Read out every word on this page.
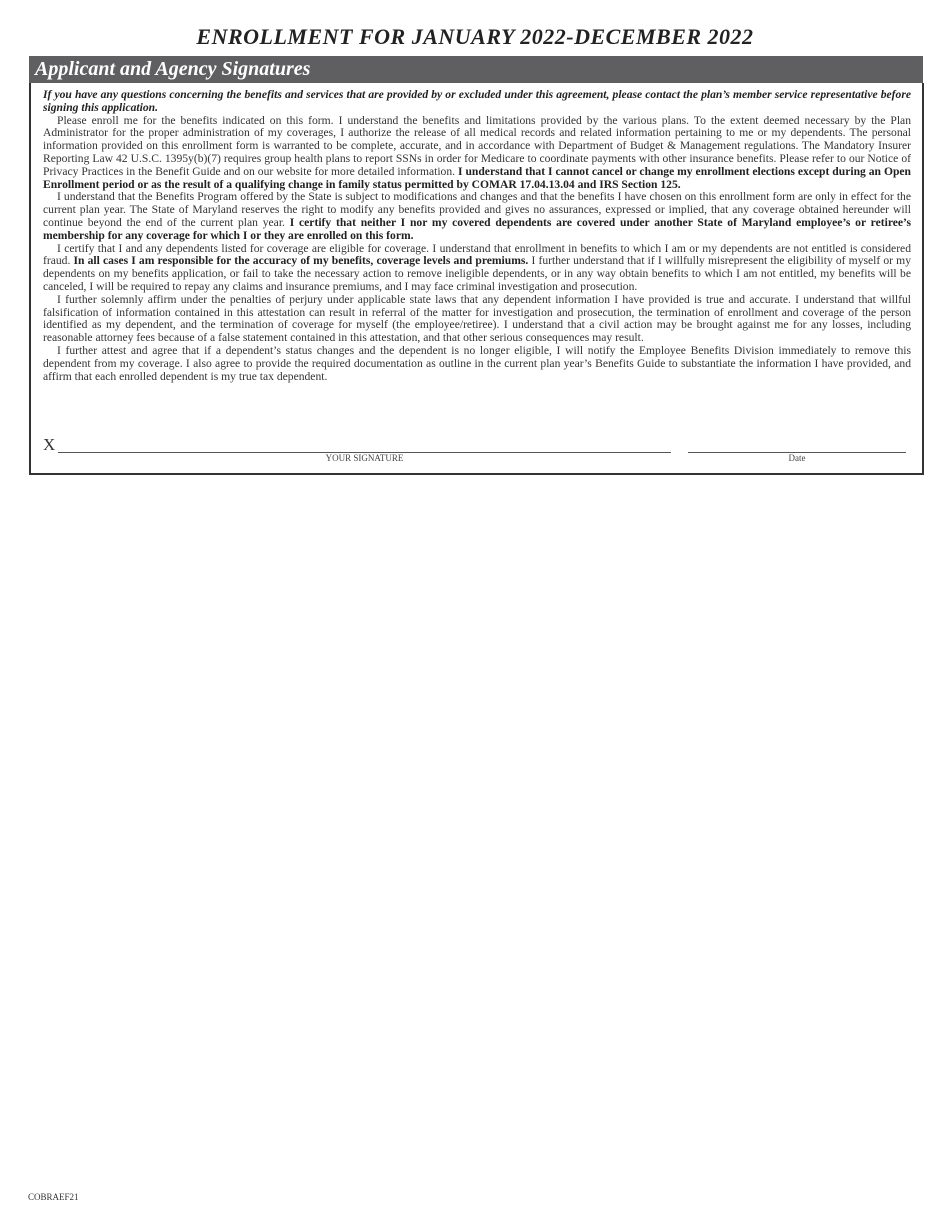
ENROLLMENT FOR JANUARY 2022-DECEMBER 2022
Applicant and Agency Signatures

If you have any questions concerning the benefits and services that are provided by or excluded under this agreement, please contact the plan’s member service representative before signing this application.

Please enroll me for the benefits indicated on this form. I understand the benefits and limitations provided by the various plans. To the extent deemed necessary by the Plan Administrator for the proper administration of my coverages, I authorize the release of all medical records and related information pertaining to me or my dependents. The personal information provided on this enrollment form is warranted to be complete, accurate, and in accordance with Department of Budget & Management regulations. The Mandatory Insurer Reporting Law 42 U.S.C. 1395y(b)(7) requires group health plans to report SSNs in order for Medicare to coordinate payments with other insurance benefits. Please refer to our Notice of Privacy Practices in the Benefit Guide and on our website for more detailed information. I understand that I cannot cancel or change my enrollment elections except during an Open Enrollment period or as the result of a qualifying change in family status permitted by COMAR 17.04.13.04 and IRS Section 125.

I understand that the Benefits Program offered by the State is subject to modifications and changes and that the benefits I have chosen on this enrollment form are only in effect for the current plan year. The State of Maryland reserves the right to modify any benefits provided and gives no assurances, expressed or implied, that any coverage obtained hereunder will continue beyond the end of the current plan year. I certify that neither I nor my covered dependents are covered under another State of Maryland employee’s or retiree’s membership for any coverage for which I or they are enrolled on this form.

I certify that I and any dependents listed for coverage are eligible for coverage. I understand that enrollment in benefits to which I am or my dependents are not entitled is considered fraud. In all cases I am responsible for the accuracy of my benefits, coverage levels and premiums. I further understand that if I willfully misrepresent the eligibility of myself or my dependents on my benefits application, or fail to take the necessary action to remove ineligible dependents, or in any way obtain benefits to which I am not entitled, my benefits will be canceled, I will be required to repay any claims and insurance premiums, and I may face criminal investigation and prosecution.

I further solemnly affirm under the penalties of perjury under applicable state laws that any dependent information I have provided is true and accurate. I understand that willful falsification of information contained in this attestation can result in referral of the matter for investigation and prosecution, the termination of enrollment and coverage of the person identified as my dependent, and the termination of coverage for myself (the employee/retiree). I understand that a civil action may be brought against me for any losses, including reasonable attorney fees because of a false statement contained in this attestation, and that other serious consequences may result.

I further attest and agree that if a dependent’s status changes and the dependent is no longer eligible, I will notify the Employee Benefits Division immediately to remove this dependent from my coverage. I also agree to provide the required documentation as outline in the current plan year’s Benefits Guide to substantiate the information I have provided, and affirm that each enrolled dependent is my true tax dependent.

X
YOUR SIGNATURE	Date
COBRAEF21
